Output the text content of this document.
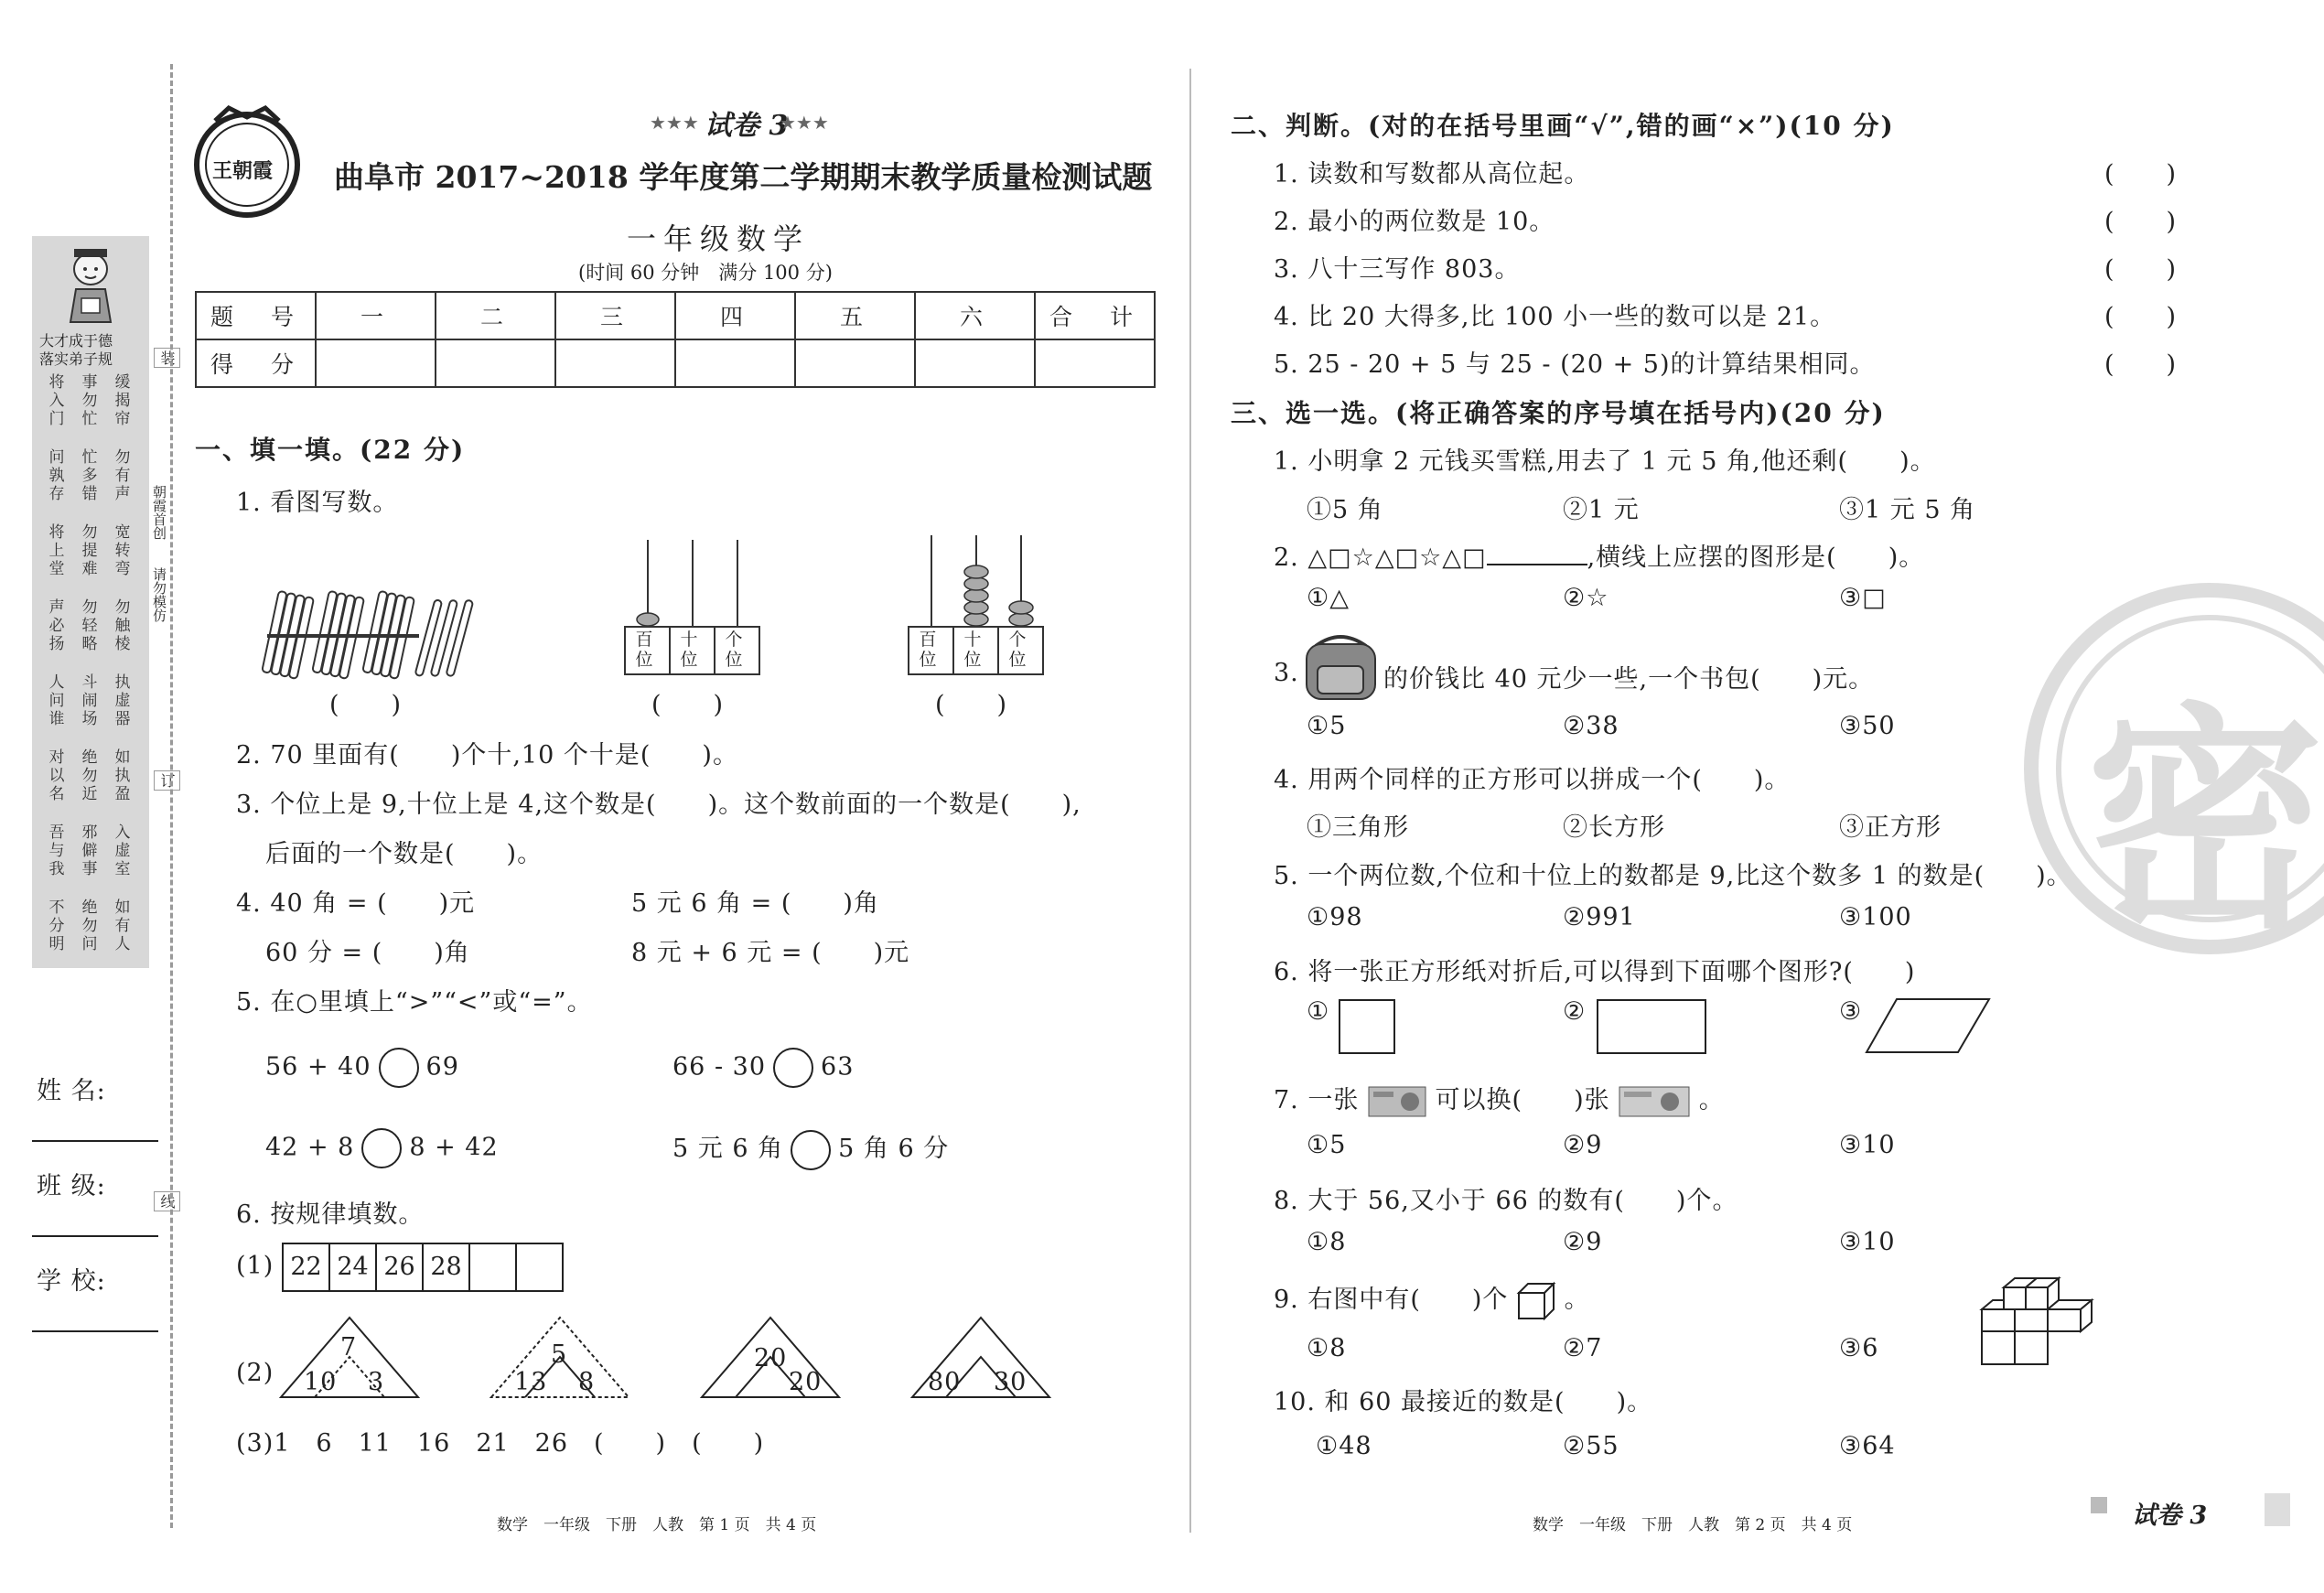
大才成于德
落实弟子规
缓
揭
帘
事
勿
忙
将
入
门
勿
有
声
忙
多
错
问
孰
存
宽
转
弯
勿
提
难
将
上
堂
勿
触
棱
勿
轻
略
声
必
扬
执
虚
器
斗
闹
场
人
问
谁
如
执
盈
绝
勿
近
对
以
名
入
虚
室
邪
僻
事
吾
与
我
如
有
人
绝
勿
问
不
分
明
装
朝霞首创
请勿模仿
订
线
姓 名:
班 级:
学 校:
王朝霞
★★★ 试卷 3
★★★
曲阜市 2017~2018 学年度第二学期期末教学质量检测试题
一年级数学
(时间 60 分钟　满分 100 分)
题　号	一	二	三	四	五	六	合　计
得　分							
一、填一填。(22 分)
1. 看图写数。
(　　)
百位
十位
个位
(　　)
百位
十位
个位
(　　)
2. 70 里面有(　　)个十,10 个十是(　　)。
3. 个位上是 9,十位上是 4,这个数是(　　)。这个数前面的一个数是(　　),
后面的一个数是(　　)。
4. 40 角 = (　　)元	5 元 6 角 = (　　)角
60 分 = (　　)角	8 元 + 6 元 = (　　)元
5. 在○里填上“>”“<”或“=”。
56 + 40 69	66 - 30 63
42 + 8 8 + 42	5 元 6 角 5 角 6 分
6. 按规律填数。
(1) 22 24 26 28
(2)
7
10 3
5
13 8
20
20	80 30
(3)1　6　11　16　21　26　(　　)　(　　)
密
二、判断。(对的在括号里画“√”,错的画“×”)(10 分)
1. 读数和写数都从高位起。	(　　)
2. 最小的两位数是 10。	(　　)
3. 八十三写作 803。	(　　)
4. 比 20 大得多,比 100 小一些的数可以是 21。	(　　)
5. 25 - 20 + 5 与 25 - (20 + 5)的计算结果相同。	(　　)
三、选一选。(将正确答案的序号填在括号内)(20 分)
1. 小明拿 2 元钱买雪糕,用去了 1 元 5 角,他还剩(　　)。
①5 角	②1 元	③1 元 5 角
2. △□☆△□☆△□	,横线上应摆的图形是(　　)。
①△	②☆	③□
3.	的价钱比 40 元少一些,一个书包(　　)元。
①5	②38	③50
4. 用两个同样的正方形可以拼成一个(　　)。
①三角形	②长方形	③正方形
5. 一个两位数,个位和十位上的数都是 9,比这个数多 1 的数是(　　)。
①98	②991	③100
6. 将一张正方形纸对折后,可以得到下面哪个图形?(　　)
①	②	③
7. 一张	可以换(　　)张	。
①5	②9	③10
8. 大于 56,又小于 66 的数有(　　)个。
①8	②9	③10
9. 右图中有(　　)个 。
①8	②7	③6
10. 和 60 最接近的数是(　　)。
①48	②55	③64
数学　一年级　下册　人教　第 1 页　共 4 页	数学　一年级　下册　人教　第 2 页　共 4 页	试卷 3
